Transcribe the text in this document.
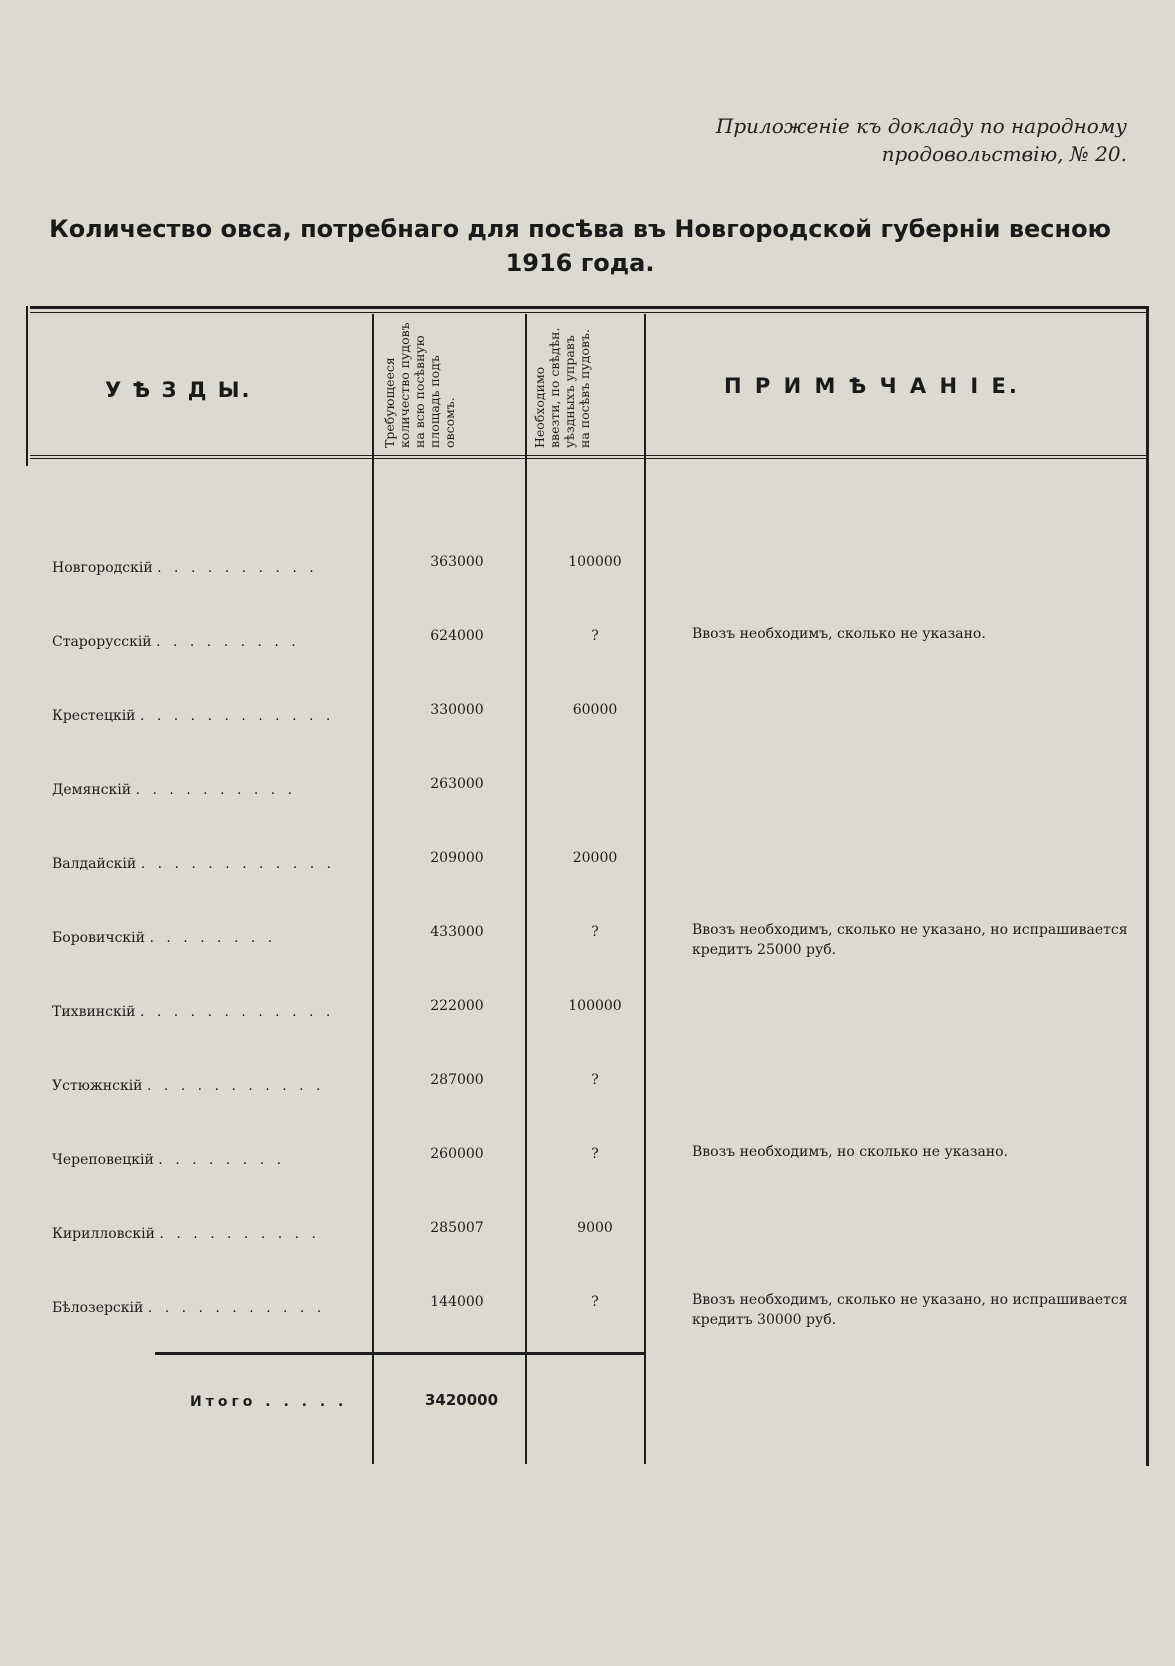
Приложеніе къ докладу по народному
продовольствію, № 20.
Количество овса, потребнаго для посѣва въ Новгородской губерніи весною
1916 года.
У Ѣ З Д Ы.	Требующееся количество пудовъ на всю посѣвную площадь подъ овсомъ.	Необходимо ввезти, по свѣдѣн. уѣздныхъ управъ на посѣвъ пудовъ.	П Р И М Ѣ Ч А Н І Е.
Новгородскій . . . . . . . . . .	363000	100000
Старорусскій . . . . . . . . .	624000	?	Ввозъ необходимъ, сколько не указано.
Крестецкій . . . . . . . . . . . .	330000	60000
Демянскій . . . . . . . . . .	263000
Валдайскій . . . . . . . . . . . .	209000	20000
Боровичскій . . . . . . . .	433000	?	Ввозъ необходимъ, сколько не указано, но испрашивается кредитъ 25000 руб.
Тихвинскій . . . . . . . . . . . .	222000	100000
Устюжнскій . . . . . . . . . . .	287000	?
Череповецкій . . . . . . . .	260000	?	Ввозъ необходимъ, но сколько не указано.
Кирилловскій . . . . . . . . . .	285007	9000
Бѣлозерскій . . . . . . . . . . .	144000	?	Ввозъ необходимъ, сколько не указано, но испрашивается кредитъ 30000 руб.
Итого . . . . .	3420000
